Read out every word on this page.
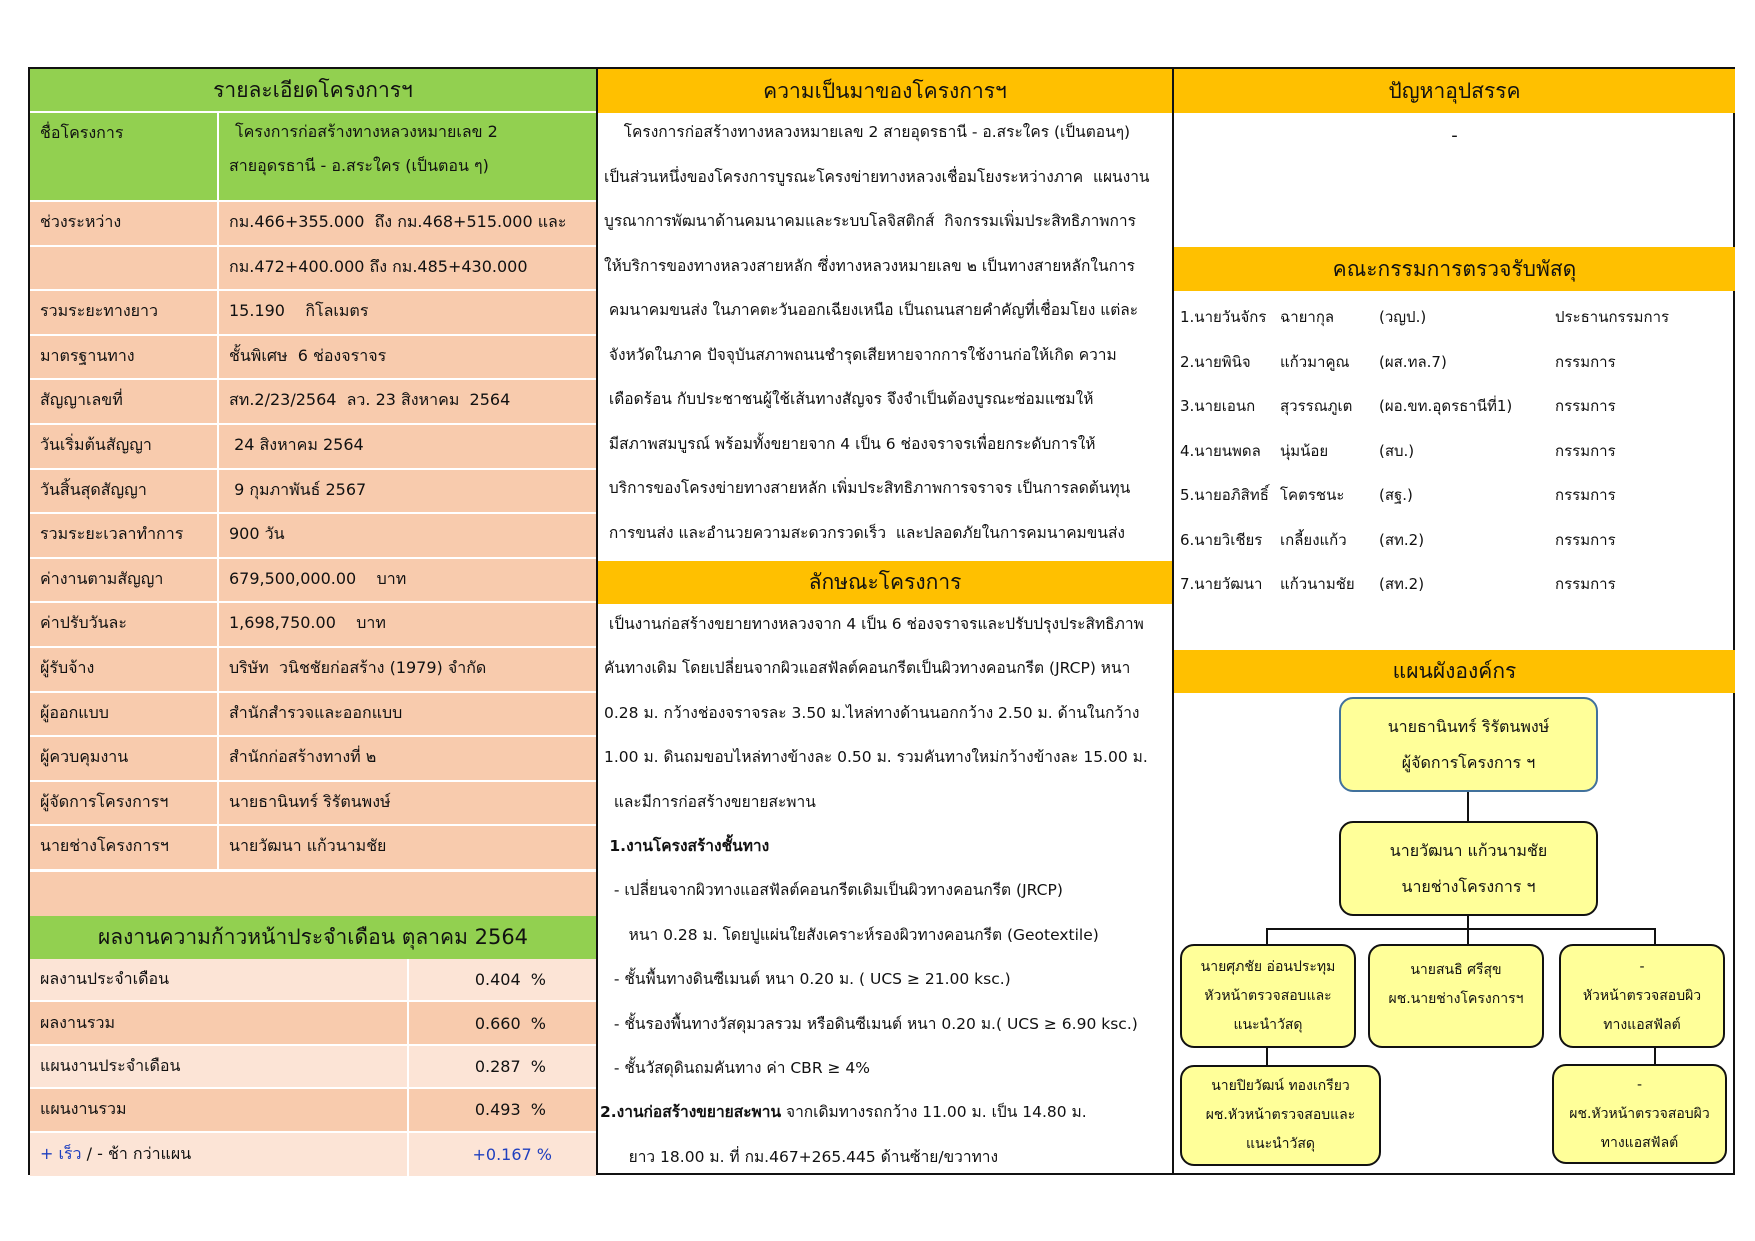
รายละเอียดโครงการฯ
ชื่อโครงการ	โครงการก่อสร้างทางหลวงหมายเลข 2
สายอุดรธานี - อ.สระใคร (เป็นตอน ๆ)
ช่วงระหว่าง	กม.466+355.000  ถึง กม.468+515.000 และ
กม.472+400.000 ถึง กม.485+430.000
รวมระยะทางยาว	15.190    กิโลเมตร
มาตรฐานทาง	ชั้นพิเศษ  6 ช่องจราจร
สัญญาเลขที่	สท.2/23/2564  ลว. 23 สิงหาคม  2564
วันเริ่มต้นสัญญา	24 สิงหาคม 2564
วันสิ้นสุดสัญญา	9 กุมภาพันธ์ 2567
รวมระยะเวลาทำการ	900 วัน
ค่างานตามสัญญา	679,500,000.00    บาท
ค่าปรับวันละ	1,698,750.00    บาท
ผู้รับจ้าง	บริษัท  วนิชชัยก่อสร้าง (1979) จำกัด
ผู้ออกแบบ	สำนักสำรวจและออกแบบ
ผู้ควบคุมงาน	สำนักก่อสร้างทางที่ ๒
ผู้จัดการโครงการฯ	นายธานินทร์ ริรัตนพงษ์
นายช่างโครงการฯ	นายวัฒนา แก้วนามชัย
ผลงานความก้าวหน้าประจำเดือน ตุลาคม 2564
ผลงานประจำเดือน	0.404  %
ผลงานรวม	0.660  %
แผนงานประจำเดือน	0.287  %
แผนงานรวม	0.493  %
+ เร็ว / - ช้า กว่าแผน	+0.167 %
ความเป็นมาของโครงการฯ

โครงการก่อสร้างทางหลวงหมายเลข 2 สายอุดรธานี - อ.สระใคร (เป็นตอนๆ)

เป็นส่วนหนึ่งของโครงการบูรณะโครงข่ายทางหลวงเชื่อมโยงระหว่างภาค  แผนงาน

บูรณาการพัฒนาด้านคมนาคมและระบบโลจิสติกส์  กิจกรรมเพิ่มประสิทธิภาพการ

ให้บริการของทางหลวงสายหลัก ซึ่งทางหลวงหมายเลข ๒ เป็นทางสายหลักในการ

คมนาคมขนส่ง ในภาคตะวันออกเฉียงเหนือ เป็นถนนสายคำคัญที่เชื่อมโยง แต่ละ

จังหวัดในภาค ปัจจุบันสภาพถนนชำรุดเสียหายจากการใช้งานก่อให้เกิด ความ

เดือดร้อน กับประชาชนผู้ใช้เส้นทางสัญจร จึงจำเป็นต้องบูรณะซ่อมแซมให้

มีสภาพสมบูรณ์ พร้อมทั้งขยายจาก 4 เป็น 6 ช่องจราจรเพื่อยกระดับการให้

บริการของโครงข่ายทางสายหลัก เพิ่มประสิทธิภาพการจราจร เป็นการลดต้นทุน

การขนส่ง และอำนวยความสะดวกรวดเร็ว  และปลอดภัยในการคมนาคมขนส่ง

ลักษณะโครงการ

เป็นงานก่อสร้างขยายทางหลวงจาก 4 เป็น 6 ช่องจราจรและปรับปรุงประสิทธิภาพ

คันทางเดิม โดยเปลี่ยนจากผิวแอสฟัลต์คอนกรีตเป็นผิวทางคอนกรีต (JRCP) หนา

0.28 ม. กว้างช่องจราจรละ 3.50 ม.ไหล่ทางด้านนอกกว้าง 2.50 ม. ด้านในกว้าง

1.00 ม. ดินถมขอบไหล่ทางข้างละ 0.50 ม. รวมคันทางใหม่กว้างข้างละ 15.00 ม.

และมีการก่อสร้างขยายสะพาน

1.งานโครงสร้างชั้นทาง

- เปลี่ยนจากผิวทางแอสฟัลต์คอนกรีตเดิมเป็นผิวทางคอนกรีต (JRCP)

หนา 0.28 ม. โดยปูแผ่นใยสังเคราะห์รองผิวทางคอนกรีต (Geotextile)

- ชั้นพื้นทางดินซีเมนต์ หนา 0.20 ม. ( UCS ≥ 21.00 ksc.)

- ชั้นรองพื้นทางวัสดุมวลรวม หรือดินซีเมนต์ หนา 0.20 ม.( UCS ≥ 6.90 ksc.)

- ชั้นวัสดุดินถมคันทาง ค่า CBR ≥ 4%

2.งานก่อสร้างขยายสะพาน จากเดิมทางรถกว้าง 11.00 ม. เป็น 14.80 ม.

ยาว 18.00 ม. ที่ กม.467+265.445 ด้านซ้าย/ขวาทาง

ปัญหาอุปสรรค
-
คณะกรรมการตรวจรับพัสดุ
1.นายวันจักร ฉายากุล	(วญป.)	ประธานกรรมการ
2.นายพินิจ แก้วมาคูณ (ผส.ทล.7)	กรรมการ
3.นายเอนก สุวรรณภูเต (ผอ.ขท.อุดรธานีที่1)	กรรมการ
4.นายนพดล นุ่มน้อย	(สบ.)	กรรมการ
5.นายอภิสิทธิ์ โคตรชนะ (สฐ.)	กรรมการ
6.นายวิเชียร เกลี้ยงแก้ว (สท.2)	กรรมการ
7.นายวัฒนา แก้วนามชัย (สท.2)	กรรมการ
แผนผังองค์กร
นายธานินทร์ ริรัตนพงษ์
ผู้จัดการโครงการ ฯ
นายวัฒนา แก้วนามชัย
นายช่างโครงการ ฯ
นายศุภชัย อ่อนประทุม
หัวหน้าตรวจสอบและ
แนะนำวัสดุ
นายสนธิ ศรีสุข
ผช.นายช่างโครงการฯ
-
หัวหน้าตรวจสอบผิว
ทางแอสฟัลต์
นายปิยวัฒน์ ทองเกรียว
ผช.หัวหน้าตรวจสอบและ
แนะนำวัสดุ
-
ผช.หัวหน้าตรวจสอบผิว
ทางแอสฟัลต์
